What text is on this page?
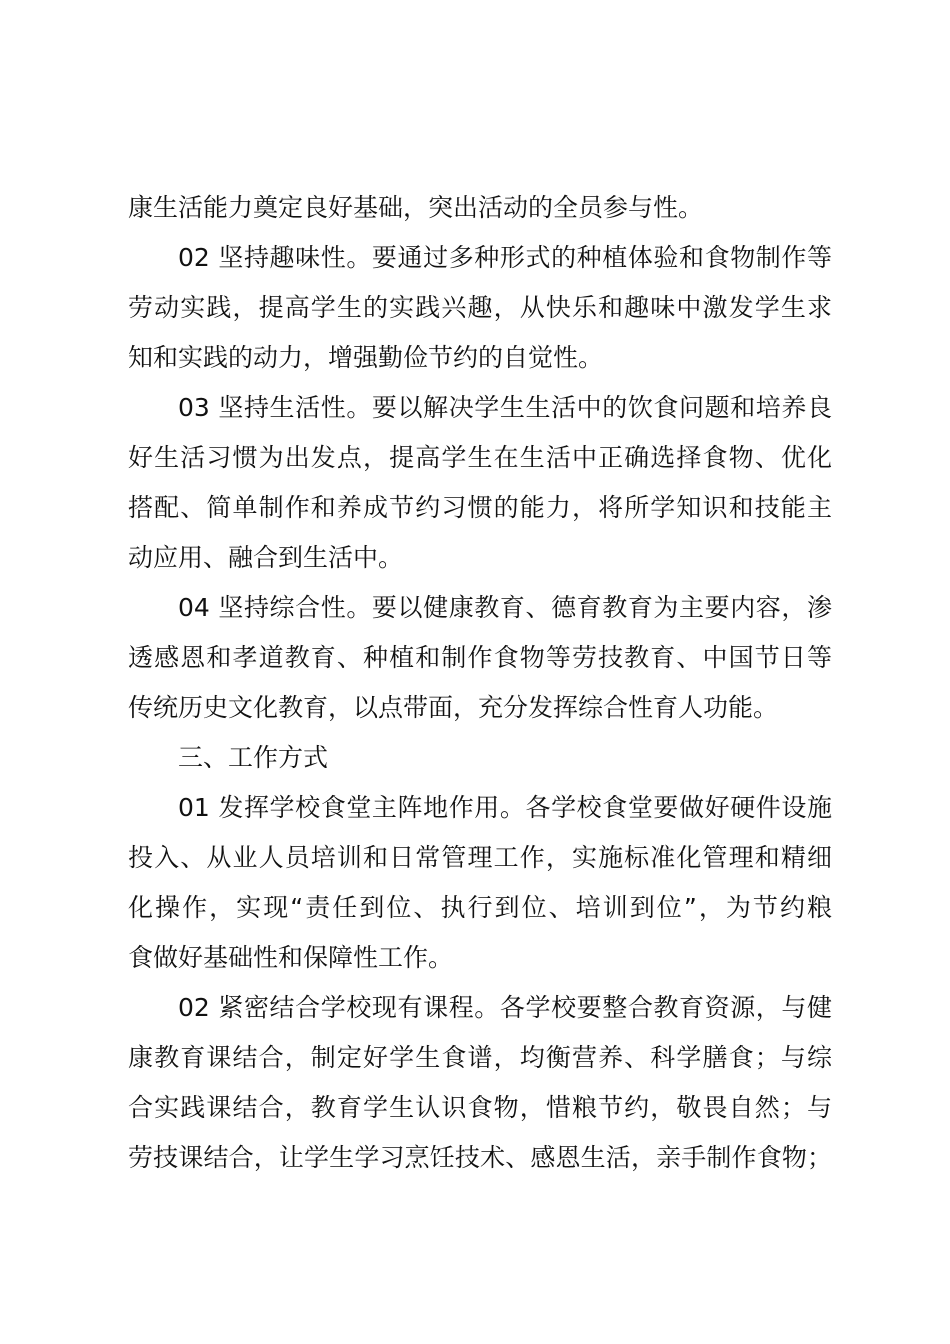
康生活能力奠定良好基础，突出活动的全员参与性。
02 坚持趣味性。要通过多种形式的种植体验和食物制作等
劳动实践，提高学生的实践兴趣，从快乐和趣味中激发学生求
知和实践的动力，增强勤俭节约的自觉性。
03 坚持生活性。要以解决学生生活中的饮食问题和培养良
好生活习惯为出发点，提高学生在生活中正确选择食物、优化
搭配、简单制作和养成节约习惯的能力，将所学知识和技能主
动应用、融合到生活中。
04 坚持综合性。要以健康教育、德育教育为主要内容，渗
透感恩和孝道教育、种植和制作食物等劳技教育、中国节日等
传统历史文化教育，以点带面，充分发挥综合性育人功能。
三、工作方式
01 发挥学校食堂主阵地作用。各学校食堂要做好硬件设施
投入、从业人员培训和日常管理工作，实施标准化管理和精细
化操作，实现“责任到位、执行到位、培训到位”，为节约粮
食做好基础性和保障性工作。
02 紧密结合学校现有课程。各学校要整合教育资源，与健
康教育课结合，制定好学生食谱，均衡营养、科学膳食；与综
合实践课结合，教育学生认识食物，惜粮节约，敬畏自然；与
劳技课结合，让学生学习烹饪技术、感恩生活，亲手制作食物；
